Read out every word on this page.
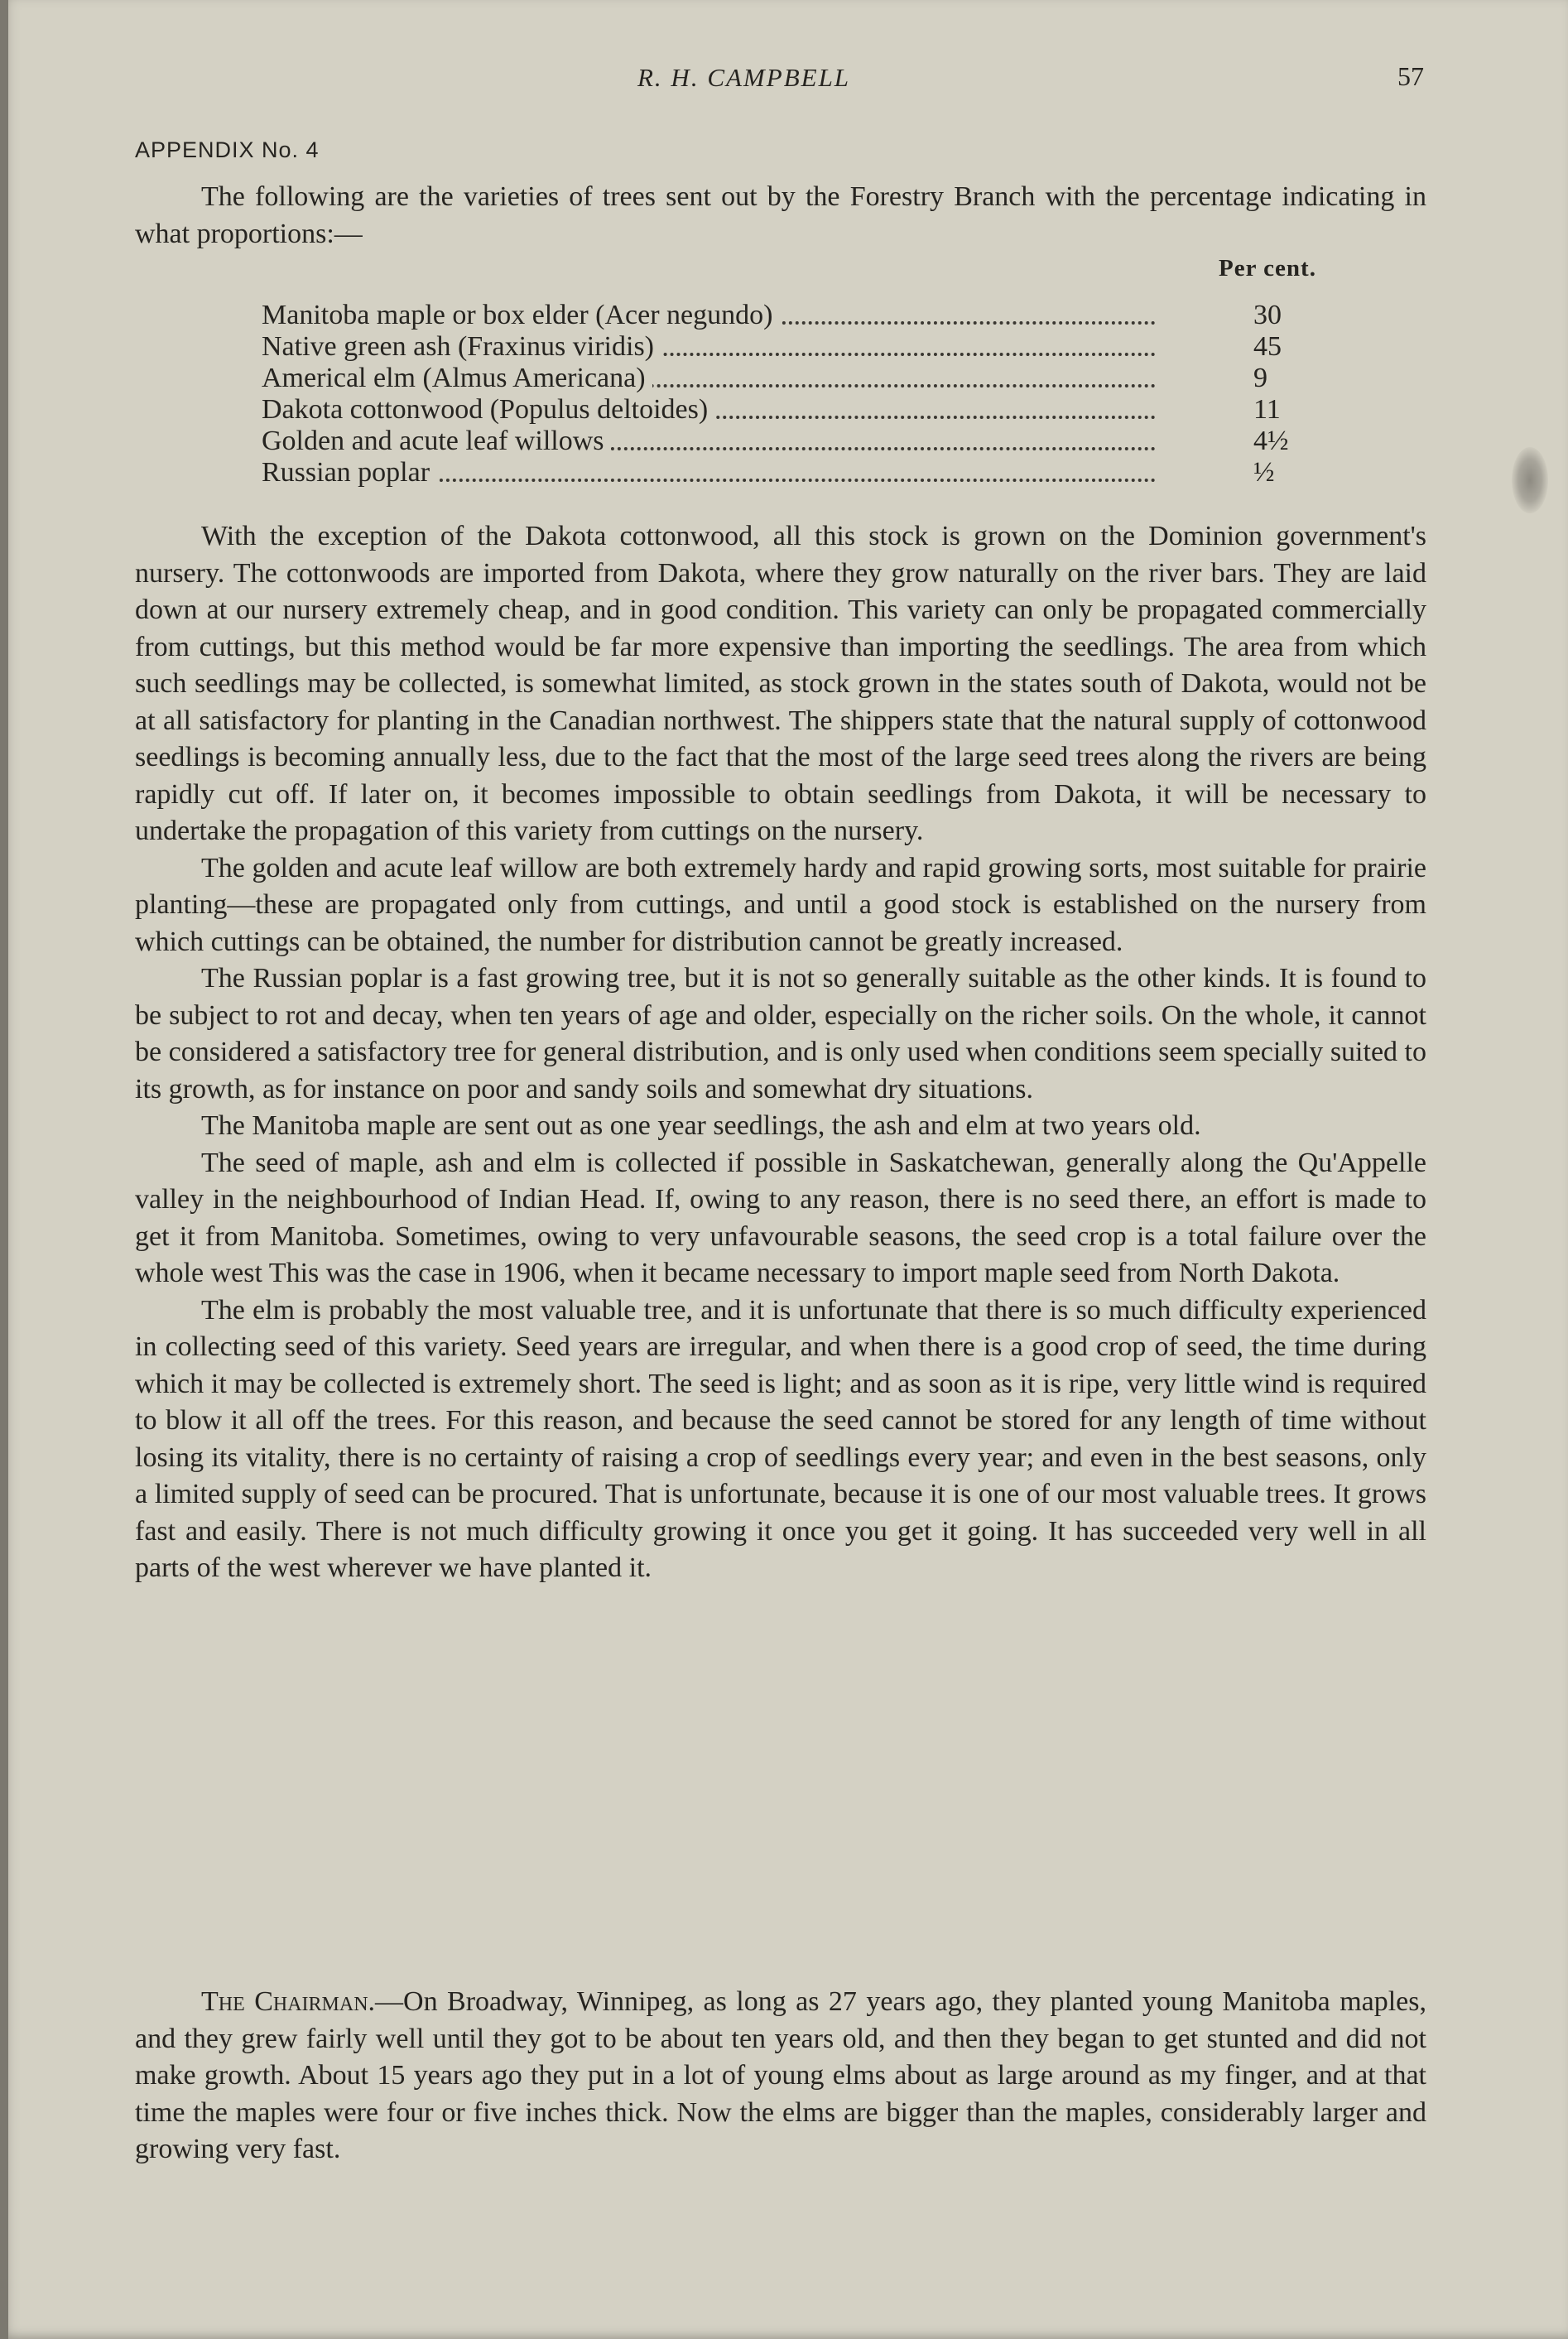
R. H. CAMPBELL	57
APPENDIX No. 4

The following are the varieties of trees sent out by the Forestry Branch with the percentage indicating in what proportions:—

Per cent.
Manitoba maple or box elder (Acer negundo)	30
Native green ash (Fraxinus viridis)	45
Americal elm (Almus Americana)	9
Dakota cottonwood (Populus deltoides)	11
Golden and acute leaf willows	4½
Russian poplar	½

With the exception of the Dakota cottonwood, all this stock is grown on the Dominion government's nursery. The cottonwoods are imported from Dakota, where they grow naturally on the river bars. They are laid down at our nursery extremely cheap, and in good condition. This variety can only be propagated commercially from cuttings, but this method would be far more expensive than importing the seedlings. The area from which such seedlings may be collected, is somewhat limited, as stock grown in the states south of Dakota, would not be at all satisfactory for planting in the Canadian northwest. The shippers state that the natural supply of cottonwood seedlings is becoming annually less, due to the fact that the most of the large seed trees along the rivers are being rapidly cut off. If later on, it becomes impossible to obtain seedlings from Dakota, it will be necessary to undertake the propagation of this variety from cuttings on the nursery.

The golden and acute leaf willow are both extremely hardy and rapid growing sorts, most suitable for prairie planting—these are propagated only from cuttings, and until a good stock is established on the nursery from which cuttings can be obtained, the number for distribution cannot be greatly increased.

The Russian poplar is a fast growing tree, but it is not so generally suitable as the other kinds. It is found to be subject to rot and decay, when ten years of age and older, especially on the richer soils. On the whole, it cannot be considered a satisfactory tree for general distribution, and is only used when conditions seem specially suited to its growth, as for instance on poor and sandy soils and somewhat dry situations.

The Manitoba maple are sent out as one year seedlings, the ash and elm at two years old.

The seed of maple, ash and elm is collected if possible in Saskatchewan, generally along the Qu'Appelle valley in the neighbourhood of Indian Head. If, owing to any reason, there is no seed there, an effort is made to get it from Manitoba. Sometimes, owing to very unfavourable seasons, the seed crop is a total failure over the whole west This was the case in 1906, when it became necessary to import maple seed from North Dakota.

The elm is probably the most valuable tree, and it is unfortunate that there is so much difficulty experienced in collecting seed of this variety. Seed years are irregular, and when there is a good crop of seed, the time during which it may be collected is extremely short. The seed is light; and as soon as it is ripe, very little wind is required to blow it all off the trees. For this reason, and because the seed cannot be stored for any length of time without losing its vitality, there is no certainty of raising a crop of seedlings every year; and even in the best seasons, only a limited supply of seed can be procured. That is unfortunate, because it is one of our most valuable trees. It grows fast and easily. There is not much difficulty growing it once you get it going. It has succeeded very well in all parts of the west wherever we have planted it.

The Chairman.—On Broadway, Winnipeg, as long as 27 years ago, they planted young Manitoba maples, and they grew fairly well until they got to be about ten years old, and then they began to get stunted and did not make growth. About 15 years ago they put in a lot of young elms about as large around as my finger, and at that time the maples were four or five inches thick. Now the elms are bigger than the maples, considerably larger and growing very fast.
